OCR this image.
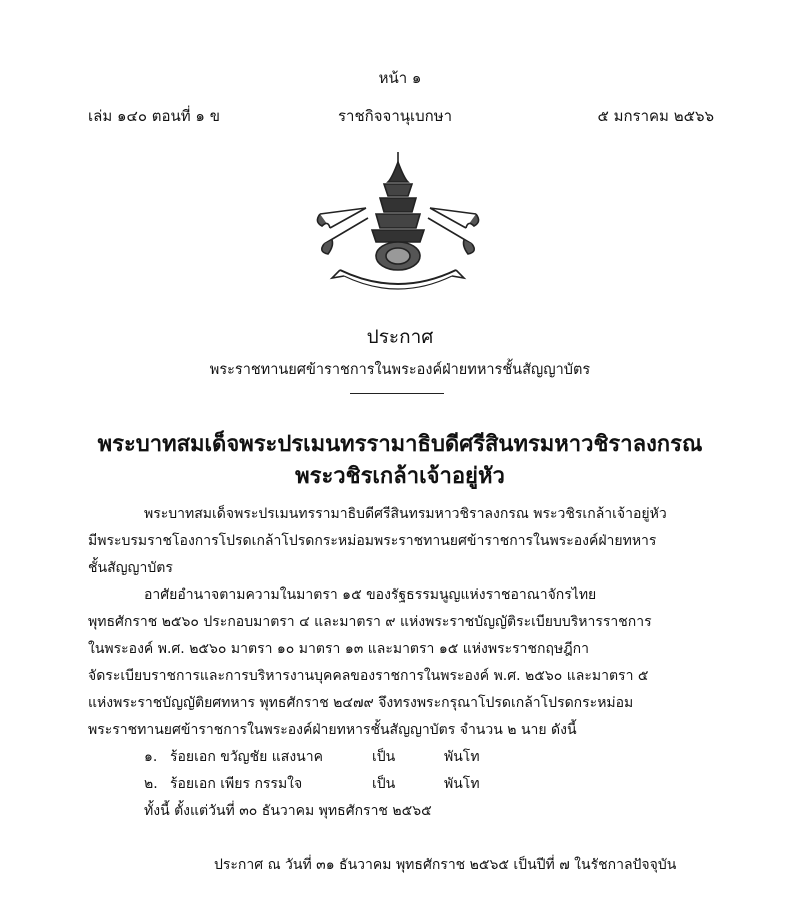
หน้า ๑
เล่ม ๑๔๐ ตอนที่ ๑ ข	ราชกิจจานุเบกษา	๕ มกราคม ๒๕๖๖
ประกาศ
พระราชทานยศข้าราชการในพระองค์ฝ่ายทหารชั้นสัญญาบัตร
พระบาทสมเด็จพระปรเมนทรรามาธิบดีศรีสินทรมหาวชิราลงกรณ
พระวชิรเกล้าเจ้าอยู่หัว
พระบาทสมเด็จพระปรเมนทรรามาธิบดีศรีสินทรมหาวชิราลงกรณ พระวชิรเกล้าเจ้าอยู่หัว
มีพระบรมราชโองการโปรดเกล้าโปรดกระหม่อมพระราชทานยศข้าราชการในพระองค์ฝ่ายทหาร
ชั้นสัญญาบัตร
อาศัยอำนาจตามความในมาตรา ๑๕ ของรัฐธรรมนูญแห่งราชอาณาจักรไทย
พุทธศักราช ๒๕๖๐ ประกอบมาตรา ๔ และมาตรา ๙ แห่งพระราชบัญญัติระเบียบบริหารราชการ
ในพระองค์ พ.ศ. ๒๕๖๐ มาตรา ๑๐ มาตรา ๑๓ และมาตรา ๑๕ แห่งพระราชกฤษฎีกา
จัดระเบียบราชการและการบริหารงานบุคคลของราชการในพระองค์ พ.ศ. ๒๕๖๐ และมาตรา ๕
แห่งพระราชบัญญัติยศทหาร พุทธศักราช ๒๔๗๙ จึงทรงพระกรุณาโปรดเกล้าโปรดกระหม่อม
พระราชทานยศข้าราชการในพระองค์ฝ่ายทหารชั้นสัญญาบัตร จำนวน ๒ นาย ดังนี้
๑. ร้อยเอก ขวัญชัย แสงนาค	เป็น	พันโท
๒. ร้อยเอก เพียร กรรมใจ	เป็น	พันโท
ทั้งนี้ ตั้งแต่วันที่ ๓๐ ธันวาคม พุทธศักราช ๒๕๖๕
ประกาศ ณ วันที่ ๓๑ ธันวาคม พุทธศักราช ๒๕๖๕ เป็นปีที่ ๗ ในรัชกาลปัจจุบัน
